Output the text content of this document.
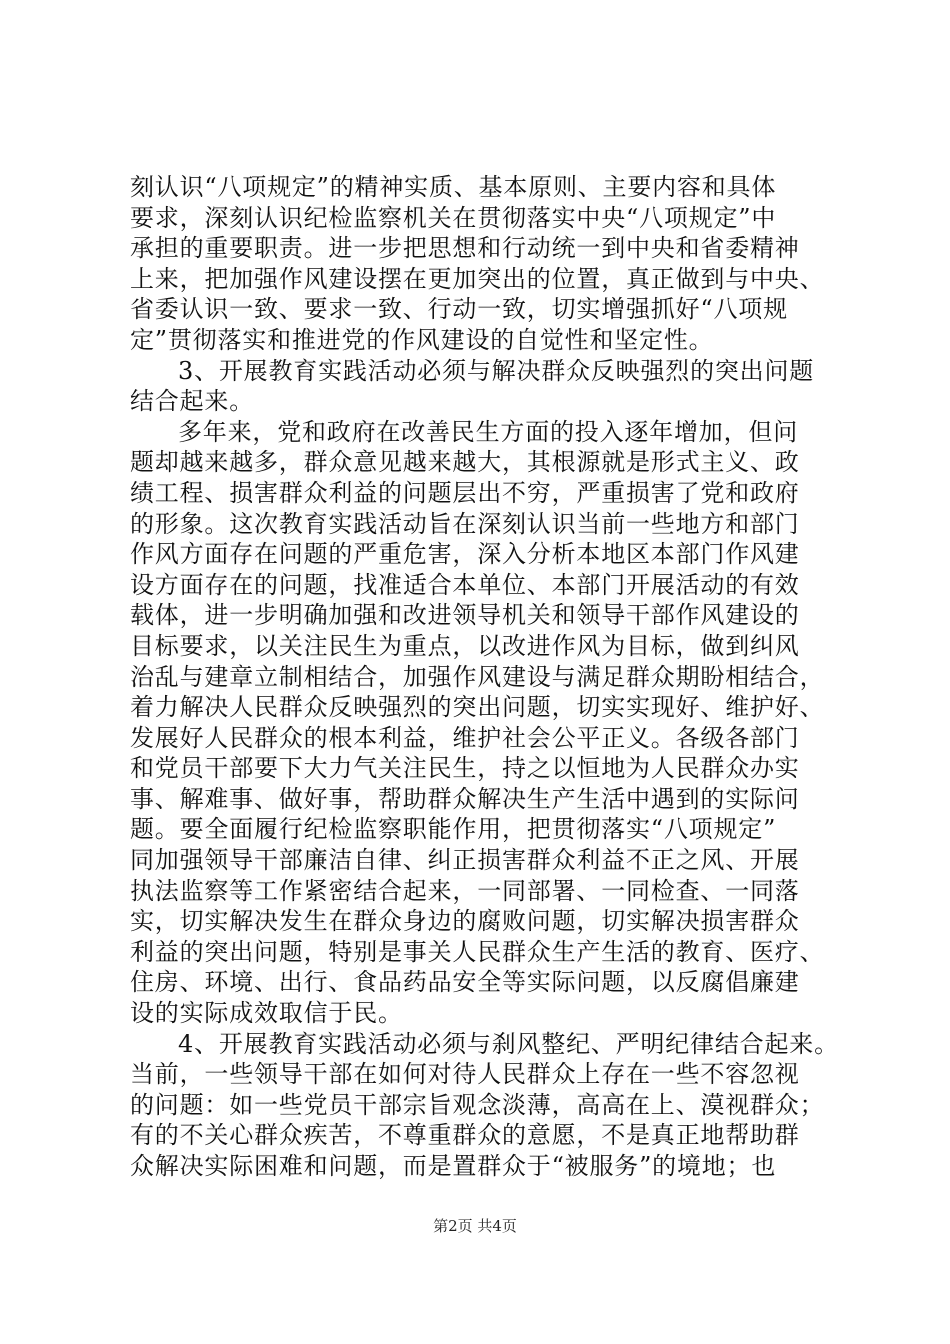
刻认识“八项规定”的精神实质、基本原则、主要内容和具体
要求，深刻认识纪检监察机关在贯彻落实中央“八项规定”中
承担的重要职责。进一步把思想和行动统一到中央和省委精神
上来，把加强作风建设摆在更加突出的位置，真正做到与中央、
省委认识一致、要求一致、行动一致，切实增强抓好“八项规
定”贯彻落实和推进党的作风建设的自觉性和坚定性。
3、开展教育实践活动必须与解决群众反映强烈的突出问题
结合起来。
多年来，党和政府在改善民生方面的投入逐年增加，但问
题却越来越多，群众意见越来越大，其根源就是形式主义、政
绩工程、损害群众利益的问题层出不穷，严重损害了党和政府
的形象。这次教育实践活动旨在深刻认识当前一些地方和部门
作风方面存在问题的严重危害，深入分析本地区本部门作风建
设方面存在的问题，找准适合本单位、本部门开展活动的有效
载体，进一步明确加强和改进领导机关和领导干部作风建设的
目标要求，以关注民生为重点，以改进作风为目标，做到纠风
治乱与建章立制相结合，加强作风建设与满足群众期盼相结合，
着力解决人民群众反映强烈的突出问题，切实实现好、维护好、
发展好人民群众的根本利益，维护社会公平正义。各级各部门
和党员干部要下大力气关注民生，持之以恒地为人民群众办实
事、解难事、做好事，帮助群众解决生产生活中遇到的实际问
题。要全面履行纪检监察职能作用，把贯彻落实“八项规定”
同加强领导干部廉洁自律、纠正损害群众利益不正之风、开展
执法监察等工作紧密结合起来，一同部署、一同检查、一同落
实，切实解决发生在群众身边的腐败问题，切实解决损害群众
利益的突出问题，特别是事关人民群众生产生活的教育、医疗、
住房、环境、出行、食品药品安全等实际问题，以反腐倡廉建
设的实际成效取信于民。
4、开展教育实践活动必须与刹风整纪、严明纪律结合起来。
当前，一些领导干部在如何对待人民群众上存在一些不容忽视
的问题：如一些党员干部宗旨观念淡薄，高高在上、漠视群众；
有的不关心群众疾苦，不尊重群众的意愿，不是真正地帮助群
众解决实际困难和问题，而是置群众于“被服务”的境地；也
第2页 共4页
